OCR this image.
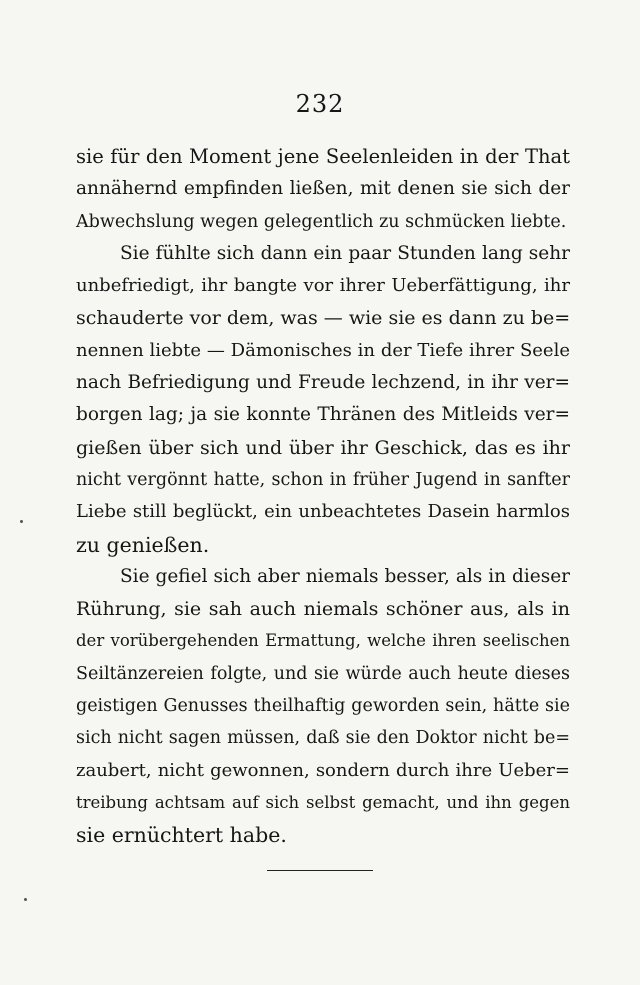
232
sie für den Moment jene Seelenleiden in der That
annähernd empfinden ließen, mit denen sie sich der
Abwechslung wegen gelegentlich zu schmücken liebte.
Sie fühlte sich dann ein paar Stunden lang sehr
unbefriedigt, ihr bangte vor ihrer Ueberfättigung, ihr
schauderte vor dem, was — wie sie es dann zu be=
nennen liebte — Dämonisches in der Tiefe ihrer Seele
nach Befriedigung und Freude lechzend, in ihr ver=
borgen lag; ja sie konnte Thränen des Mitleids ver=
gießen über sich und über ihr Geschick, das es ihr
nicht vergönnt hatte, schon in früher Jugend in sanfter
Liebe still beglückt, ein unbeachtetes Dasein harmlos
zu genießen.
Sie gefiel sich aber niemals besser, als in dieser
Rührung, sie sah auch niemals schöner aus, als in
der vorübergehenden Ermattung, welche ihren seelischen
Seiltänzereien folgte, und sie würde auch heute dieses
geistigen Genusses theilhaftig geworden sein, hätte sie
sich nicht sagen müssen, daß sie den Doktor nicht be=
zaubert, nicht gewonnen, sondern durch ihre Ueber=
treibung achtsam auf sich selbst gemacht, und ihn gegen
sie ernüchtert habe.
